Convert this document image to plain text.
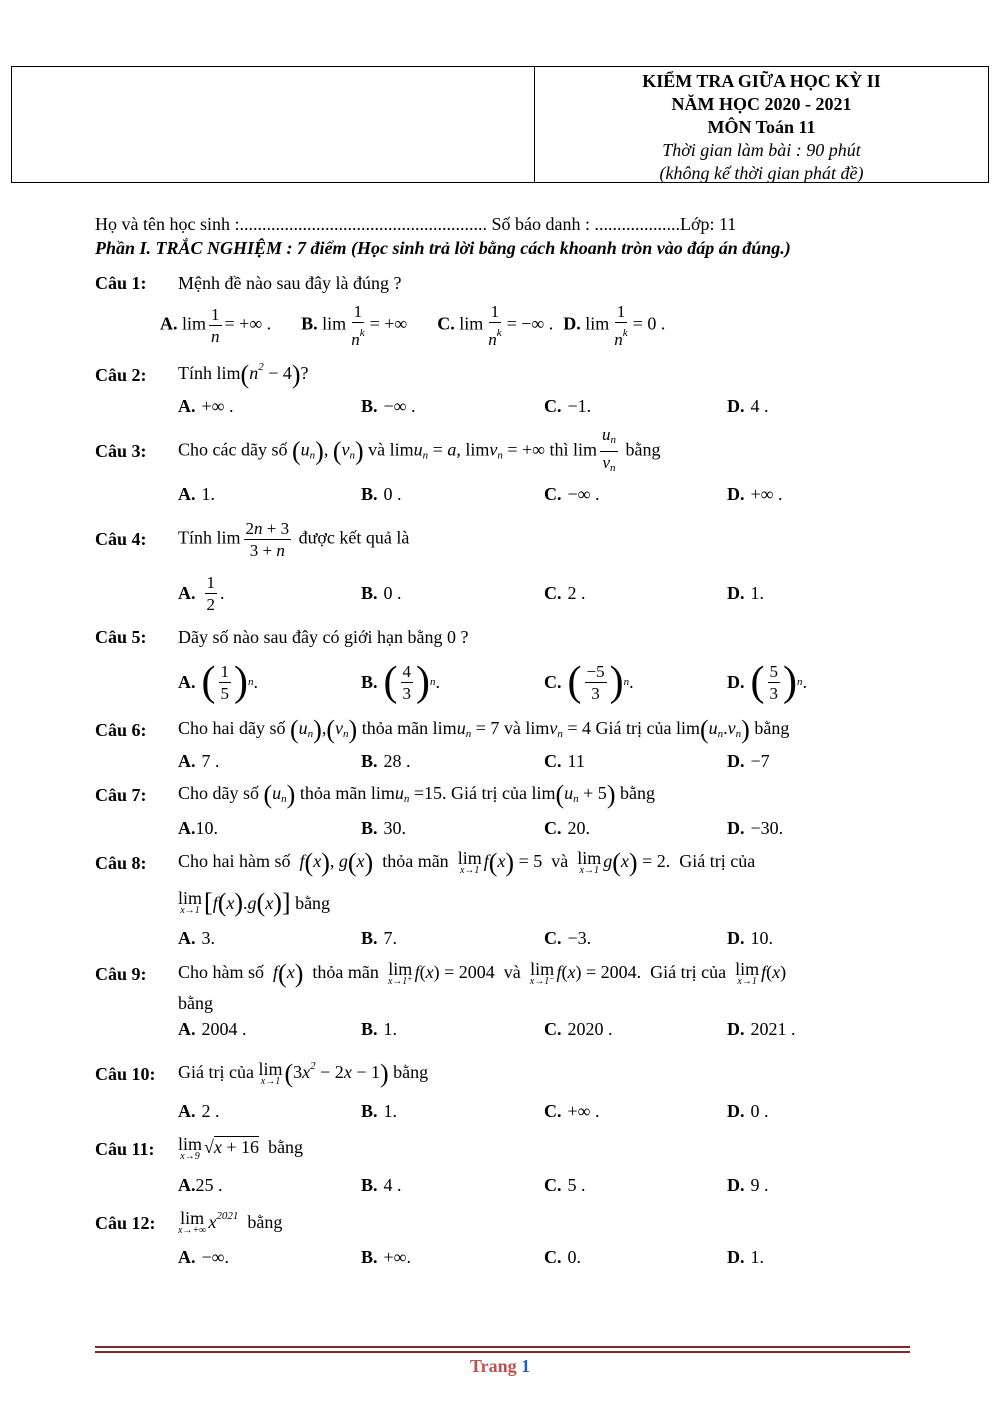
KIỂM TRA GIỮA HỌC KỲ II
NĂM HỌC 2020 - 2021
MÔN Toán 11
Thời gian làm bài : 90 phút
(không kể thời gian phát đề)
Họ và tên học sinh :....................................................... Số báo danh : ...................Lớp: 11
Phần I. TRẮC NGHIỆM : 7 điểm (Học sinh trả lời bằng cách khoanh tròn vào đáp án đúng.)
Câu 1:	Mệnh đề nào sau đây là đúng ?
A. $\lim \frac{1}{n}$ = +∞ . B. $\lim \frac{1}{n^k}$ = +∞ C. $\lim \frac{1}{n^k}$ = −∞ . D. $\lim \frac{1}{n^k} = 0$ .
Câu 2:	Tính $\lim(n^2 - 4)$?
A. +∞ .	B. −∞ .	C. −1.	D. 4 .
Câu 3:	Cho các dãy số $(u_n)$, $(v_n)$ và limu$_n$ = a, limv$_n$ = +∞ thì $\lim \frac{u_n}{v_n}$ bằng
A. 1.	B. 0 .	C. −∞ .	D. +∞ .
Câu 4:	Tính $\lim \frac{2n + 3}{3 + n}$ được kết quả là
A. $\frac{1}{2}$ .	B. 0 .	C. 2 .	D. 1.
Câu 5:	Dãy số nào sau đây có giới hạn bằng 0 ?
A. ( $\frac{1}{5}$ ) n .	B. ( $\frac{4}{3}$ ) n .	C. ( $\frac{-5}{3}$ ) n .	D. ( $\frac{5}{3}$ ) n .
Câu 6:	Cho hai dãy số $(u_n),(v_n)$ thỏa mãn limu$_n$ = 7 và limv$_n$ = 4 Giá trị của $\lim(u_n.v_n)$ bằng
A. 7 .	B. 28 .	C. 11	D. −7
Câu 7:	Cho dãy số $(u_n)$ thỏa mãn limu$_n$ =15. Giá trị của $\lim(u_n + 5)$ bằng
A. 10.	B. 30.	C. 20.	D. −30.
Câu 8:	Cho hai hàm số f(x), g(x) thỏa mãn lim
x→1 f(x) = 5  và lim
x→1 g(x) = 2.  Giá trị của
lim
x→1 [ f ( x ) . g ( x ) ]
bằng
A. 3.	B. 7.	C. −3.	D. 10.
Câu 9:	Cho hàm số f(x) thỏa mãn lim
x→1⁺ f(x) = 2004  và lim
x→1⁻ f(x) = 2004.  Giá trị của lim
x→1 f(x)
bằng
A. 2004 .	B. 1.	C. 2020 .	D. 2021 .
Câu 10:	Giá trị của lim
x→1 $(3x^2 - 2x - 1)$ bằng
A. 2 .	B. 1.	C. +∞ .	D. 0 .
Câu 11:	lim
x→9 √x + 16 bằng
A. 25 .	B. 4 .	C. 5 .	D. 9 .
Câu 12:	lim
x→+∞ $x^{2021}$ bằng
A. −∞.	B. +∞.	C. 0.	D. 1.
Trang 1
